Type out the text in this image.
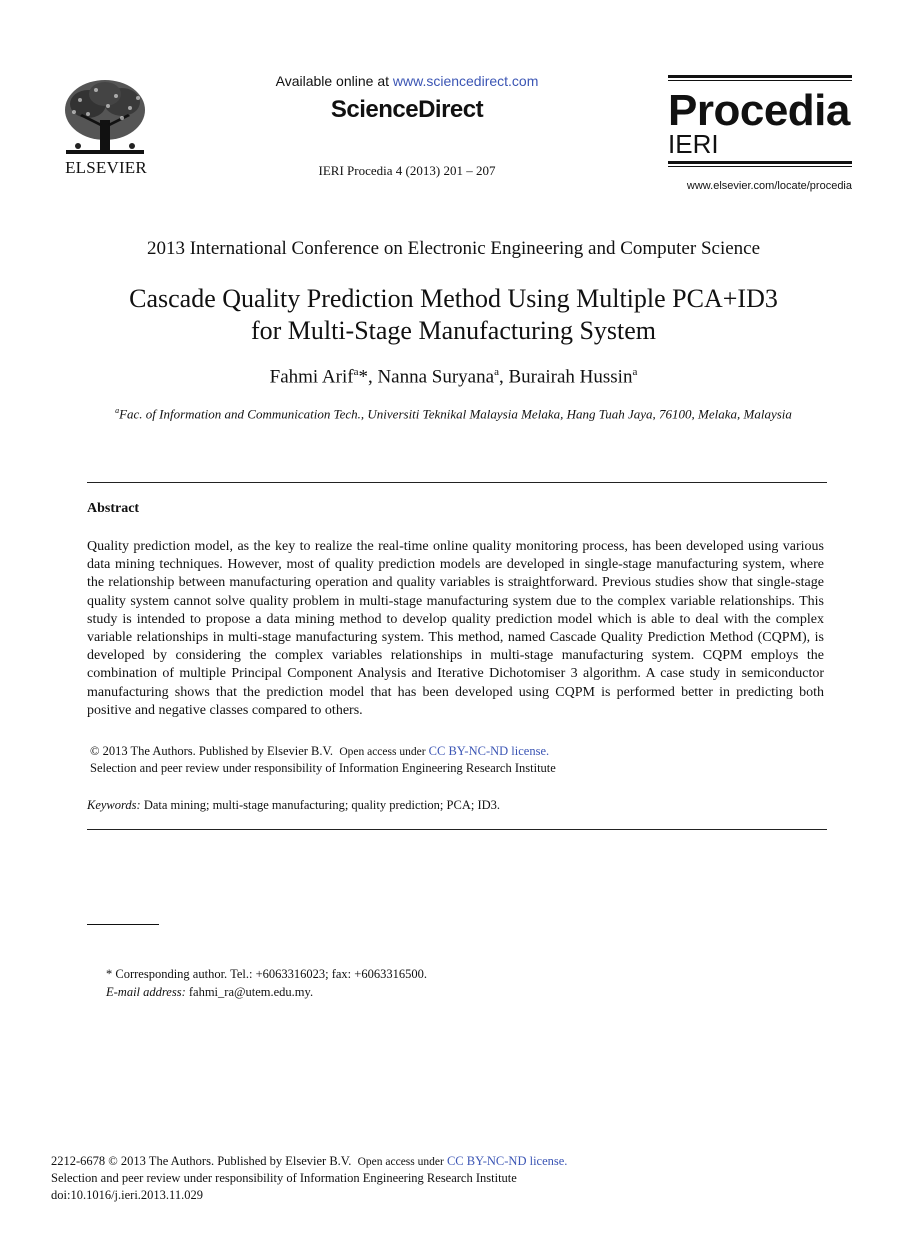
ELSEVIER
Available online at www.sciencedirect.com
ScienceDirect
IERI Procedia 4 (2013) 201 – 207
Procedia
IERI
www.elsevier.com/locate/procedia
2013 International Conference on Electronic Engineering and Computer Science
Cascade Quality Prediction Method Using Multiple PCA+ID3
for Multi-Stage Manufacturing System
Fahmi Arif$^a$*, Nanna Suryana$^a$, Burairah Hussin$^a$
$^a$Fac. of Information and Communication Tech., Universiti Teknikal Malaysia Melaka, Hang Tuah Jaya, 76100, Melaka, Malaysia
Abstract
Quality prediction model, as the key to realize the real-time online quality monitoring process, has been developed using various data mining techniques. However, most of quality prediction models are developed in single-stage manufacturing system, where the relationship between manufacturing operation and quality variables is straightforward. Previous studies show that single-stage quality system cannot solve quality problem in multi-stage manufacturing system due to the complex variable relationships. This study is intended to propose a data mining method to develop quality prediction model which is able to deal with the complex variable relationships in multi-stage manufacturing system. This method, named Cascade Quality Prediction Method (CQPM), is developed by considering the complex variables relationships in multi-stage manufacturing system. CQPM employs the combination of multiple Principal Component Analysis and Iterative Dichotomiser 3 algorithm. A case study in semiconductor manufacturing shows that the prediction model that has been developed using CQPM is performed better in predicting both positive and negative classes compared to others.
© 2013 The Authors. Published by Elsevier B.V. Open access under CC BY-NC-ND license.
Selection and peer review under responsibility of Information Engineering Research Institute
Keywords: Data mining; multi-stage manufacturing; quality prediction; PCA; ID3.
* Corresponding author. Tel.: +6063316023; fax: +6063316500.
E-mail address: fahmi_ra@utem.edu.my.
2212-6678 © 2013 The Authors. Published by Elsevier B.V. Open access under CC BY-NC-ND license.
Selection and peer review under responsibility of Information Engineering Research Institute
doi:10.1016/j.ieri.2013.11.029
